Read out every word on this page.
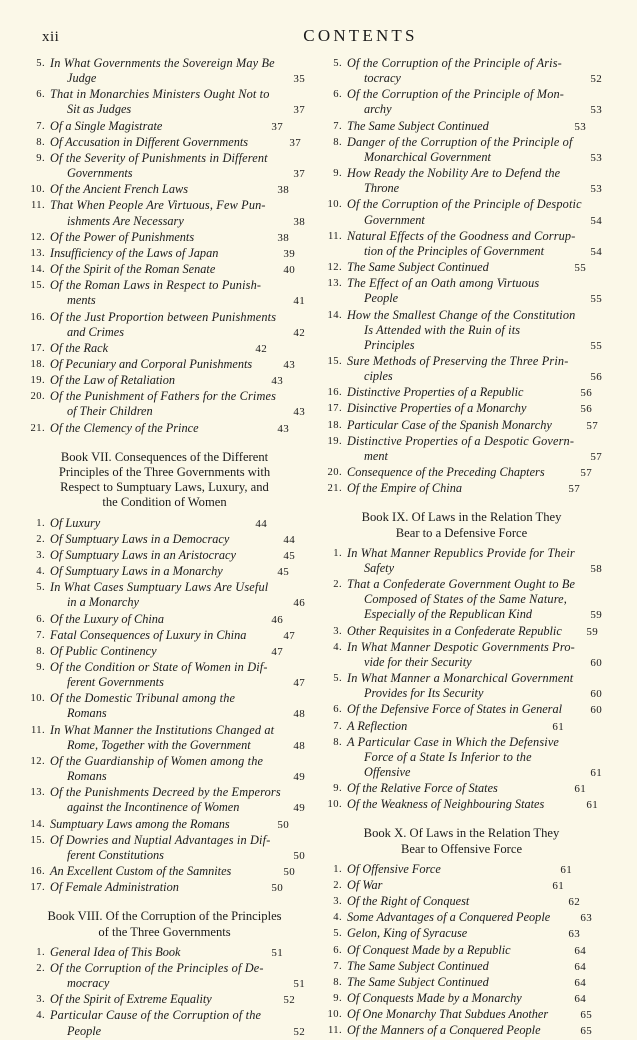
xii	CONTENTS
5. In What Governments the Sovereign May Be
Judge	35
6. That in Monarchies Ministers Ought Not to
Sit as Judges	37
7. Of a Single Magistrate	37
8. Of Accusation in Different Governments	37
9. Of the Severity of Punishments in Different
Governments	37
10. Of the Ancient French Laws	38
11. That When People Are Virtuous, Few Pun-
ishments Are Necessary	38
12. Of the Power of Punishments	38
13. Insufficiency of the Laws of Japan	39
14. Of the Spirit of the Roman Senate	40
15. Of the Roman Laws in Respect to Punish-
ments	41
16. Of the Just Proportion between Punishments
and Crimes	42
17. Of the Rack	42
18. Of Pecuniary and Corporal Punishments	43
19. Of the Law of Retaliation	43
20. Of the Punishment of Fathers for the Crimes
of Their Children	43
21. Of the Clemency of the Prince	43
Book VII. Consequences of the Different
Principles of the Three Governments with
Respect to Sumptuary Laws, Luxury, and
the Condition of Women
1. Of Luxury	44
2. Of Sumptuary Laws in a Democracy	44
3. Of Sumptuary Laws in an Aristocracy	45
4. Of Sumptuary Laws in a Monarchy	45
5. In What Cases Sumptuary Laws Are Useful
in a Monarchy	46
6. Of the Luxury of China	46
7. Fatal Consequences of Luxury in China	47
8. Of Public Continency	47
9. Of the Condition or State of Women in Dif-
ferent Governments	47
10. Of the Domestic Tribunal among the
Romans	48
11. In What Manner the Institutions Changed at
Rome, Together with the Government	48
12. Of the Guardianship of Women among the
Romans	49
13. Of the Punishments Decreed by the Emperors
against the Incontinence of Women	49
14. Sumptuary Laws among the Romans	50
15. Of Dowries and Nuptial Advantages in Dif-
ferent Constitutions	50
16. An Excellent Custom of the Samnites	50
17. Of Female Administration	50
Book VIII. Of the Corruption of the Principles
of the Three Governments
1. General Idea of This Book	51
2. Of the Corruption of the Principles of De-
mocracy	51
3. Of the Spirit of Extreme Equality	52
4. Particular Cause of the Corruption of the
People	52
5. Of the Corruption of the Principle of Aris-
tocracy	52
6. Of the Corruption of the Principle of Mon-
archy	53
7. The Same Subject Continued	53
8. Danger of the Corruption of the Principle of
Monarchical Government	53
9. How Ready the Nobility Are to Defend the
Throne	53
10. Of the Corruption of the Principle of Despotic
Government	54
11. Natural Effects of the Goodness and Corrup-
tion of the Principles of Government	54
12. The Same Subject Continued	55
13. The Effect of an Oath among Virtuous
People	55
14. How the Smallest Change of the Constitution
Is Attended with the Ruin of its
Principles	55
15. Sure Methods of Preserving the Three Prin-
ciples	56
16. Distinctive Properties of a Republic	56
17. Disinctive Properties of a Monarchy	56
18. Particular Case of the Spanish Monarchy	57
19. Distinctive Properties of a Despotic Govern-
ment	57
20. Consequence of the Preceding Chapters	57
21. Of the Empire of China	57
Book IX. Of Laws in the Relation They
Bear to a Defensive Force
1. In What Manner Republics Provide for Their
Safety	58
2. That a Confederate Government Ought to Be
Composed of States of the Same Nature,
Especially of the Republican Kind	59
3. Other Requisites in a Confederate Republic	59
4. In What Manner Despotic Governments Pro-
vide for their Security	60
5. In What Manner a Monarchical Government
Provides for Its Security	60
6. Of the Defensive Force of States in General	60
7. A Reflection	61
8. A Particular Case in Which the Defensive
Force of a State Is Inferior to the
Offensive	61
9. Of the Relative Force of States	61
10. Of the Weakness of Neighbouring States	61
Book X. Of Laws in the Relation They
Bear to Offensive Force
1. Of Offensive Force	61
2. Of War	61
3. Of the Right of Conquest	62
4. Some Advantages of a Conquered People	63
5. Gelon, King of Syracuse	63
6. Of Conquest Made by a Republic	64
7. The Same Subject Continued	64
8. The Same Subject Continued	64
9. Of Conquests Made by a Monarchy	64
10. Of One Monarchy That Subdues Another	65
11. Of the Manners of a Conquered People	65
